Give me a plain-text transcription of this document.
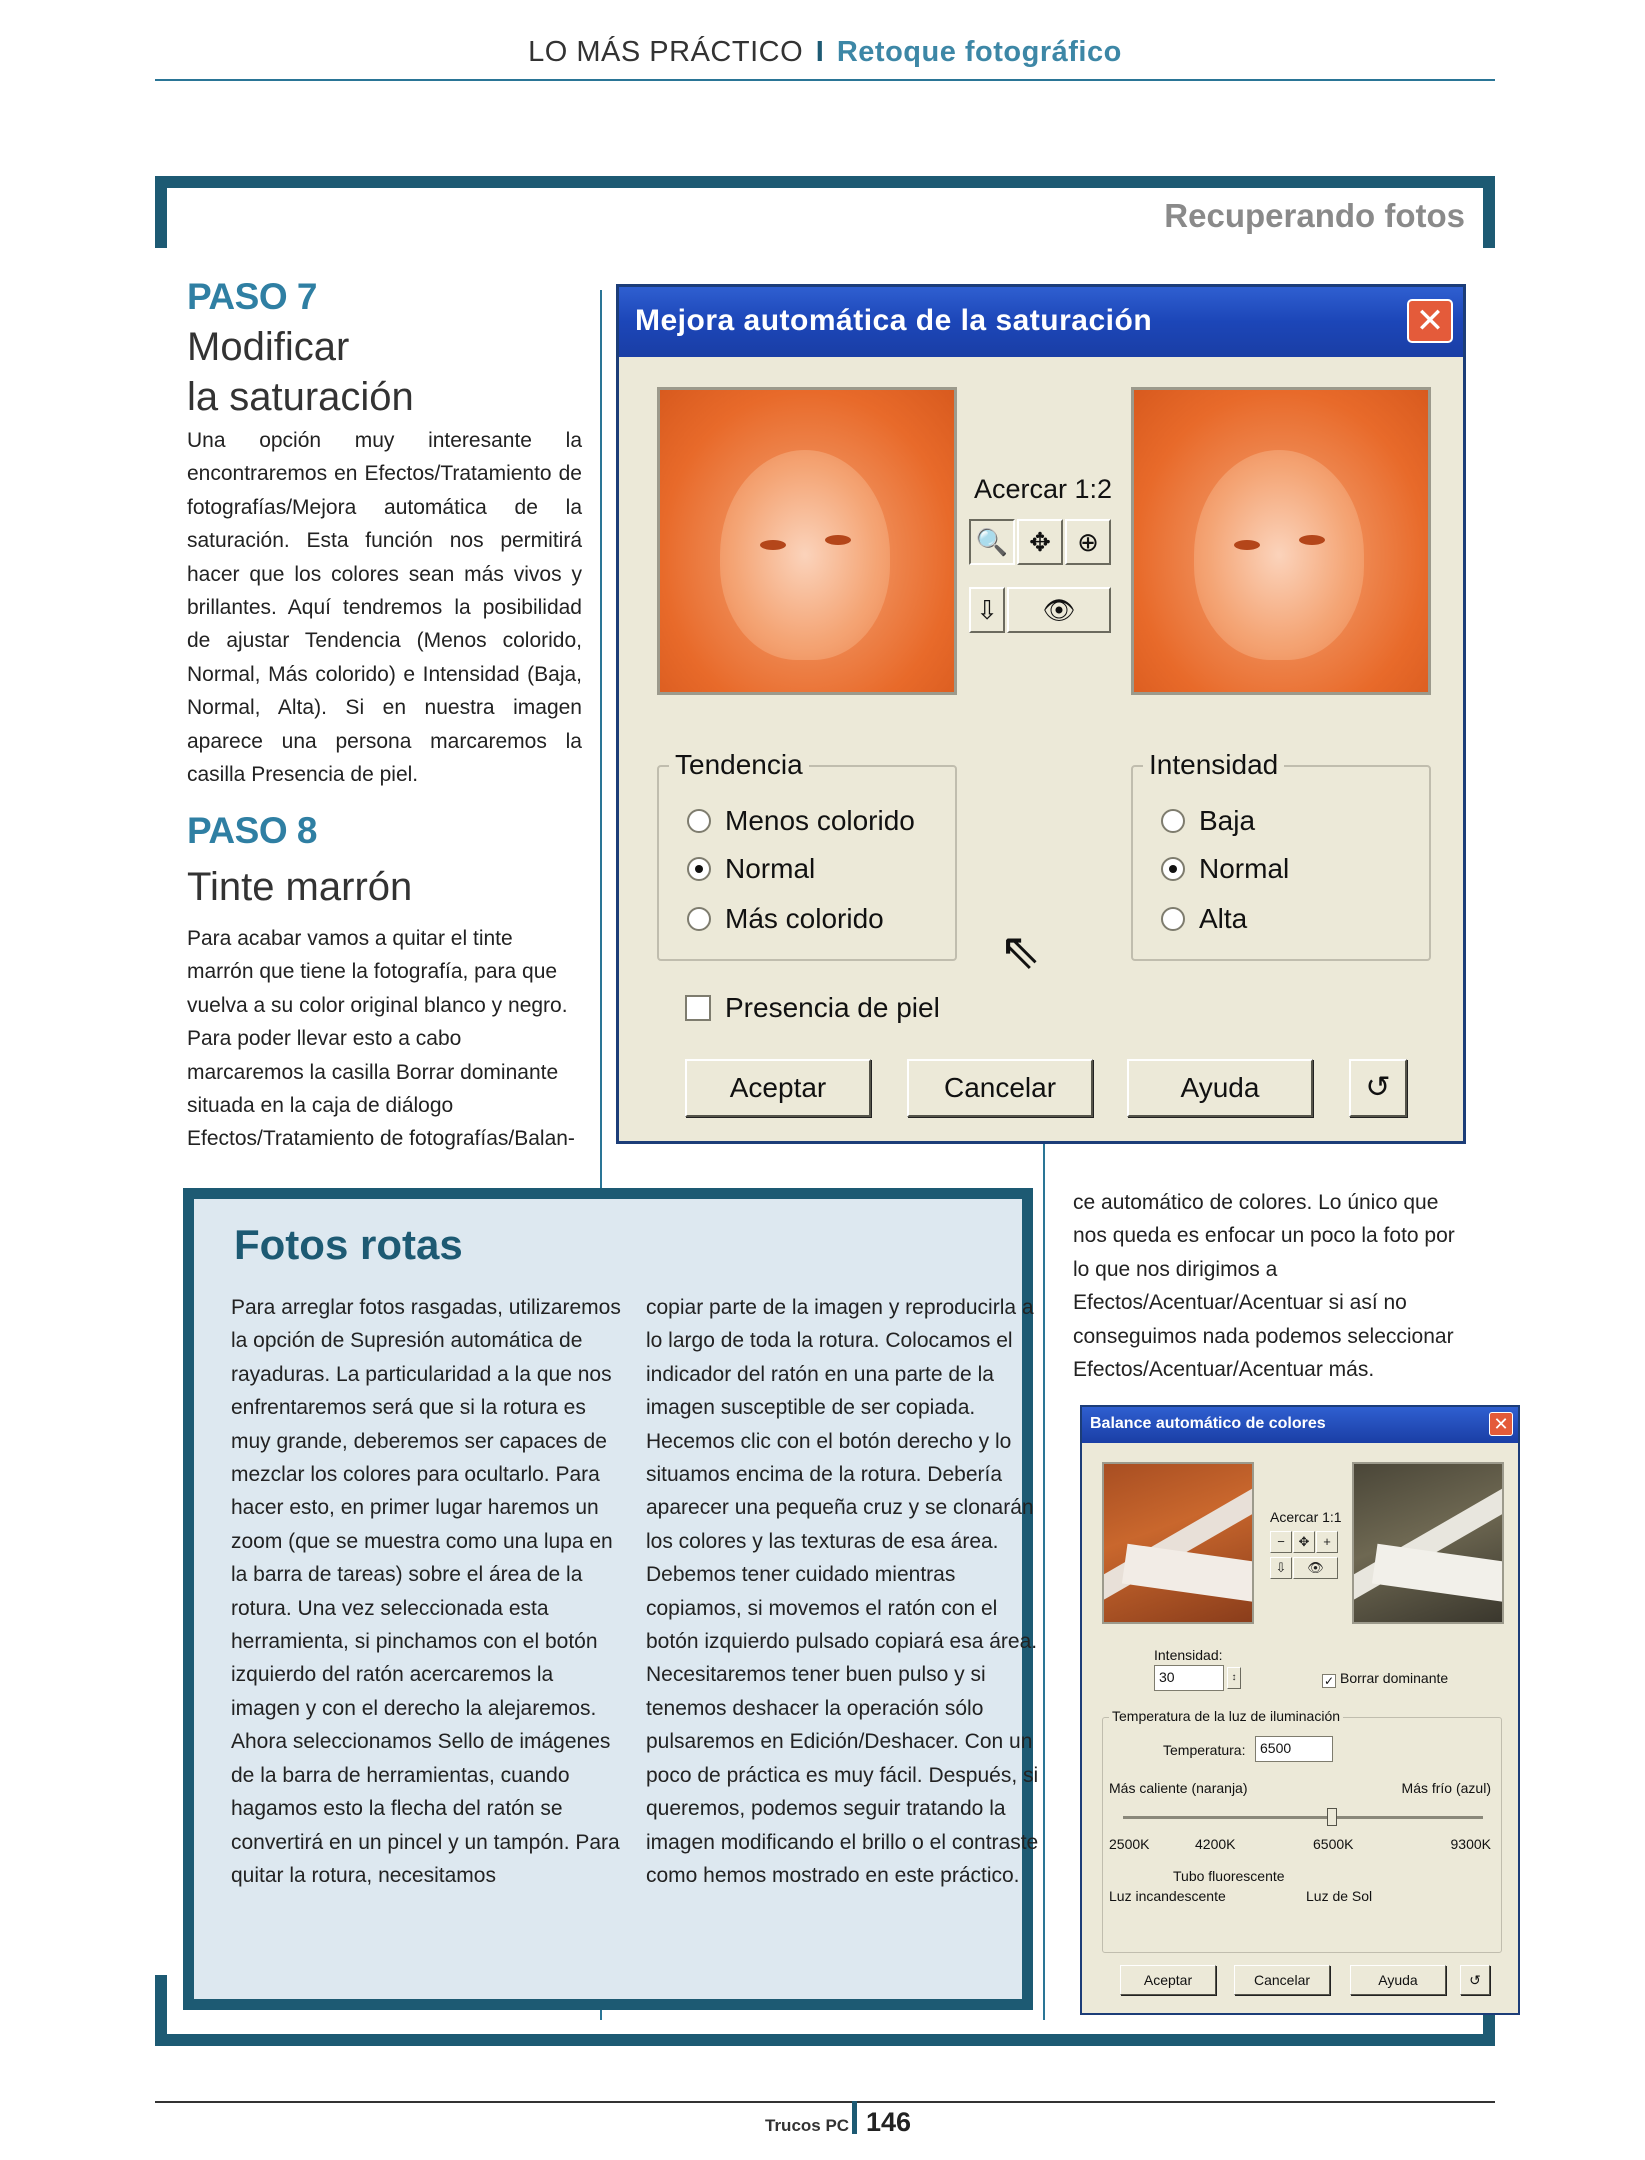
LO MÁS PRÁCTICO I Retoque fotográfico
Recuperando fotos
PASO 7
Modificar
la saturación
Una opción muy interesante la encontraremos en Efectos/Tratamiento de fotografías/Mejora automática de la saturación. Esta función nos permitirá hacer que los colores sean más vivos y brillantes. Aquí tendremos la posibilidad de ajustar Tendencia (Menos colorido, Normal, Más colorido) e Intensidad (Baja, Normal, Alta). Si en nuestra imagen aparece una persona marcaremos la casilla Presencia de piel.
PASO 8
Tinte marrón
Para acabar vamos a quitar el tinte marrón que tiene la fotografía, para que vuelva a su color original blanco y negro. Para poder llevar esto a cabo marcaremos la casilla Borrar dominante situada en la caja de diálogo Efectos/Tratamiento de fotografías/Balan-
ce automático de colores. Lo único que nos queda es enfocar un poco la foto por lo que nos dirigimos a Efectos/Acentuar/Acentuar si así no conseguimos nada podemos seleccionar Efectos/Acentuar/Acentuar más.
Fotos rotas
Para arreglar fotos rasgadas, utilizaremos la opción de Supresión automática de rayaduras. La particularidad a la que nos enfrentaremos será que si la rotura es muy grande, deberemos ser capaces de mezclar los colores para ocultarlo. Para hacer esto, en primer lugar haremos un zoom (que se muestra como una lupa en la barra de tareas) sobre el área de la rotura. Una vez seleccionada esta herramienta, si pinchamos con el botón izquierdo del ratón acercaremos la imagen y con el derecho la alejaremos. Ahora seleccionamos Sello de imágenes de la barra de herramientas, cuando hagamos esto la flecha del ratón se convertirá en un pincel y un tampón. Para quitar la rotura, necesitamos
copiar parte de la imagen y reproducirla a lo largo de toda la rotura. Colocamos el indicador del ratón en una parte de la imagen susceptible de ser copiada. Hecemos clic con el botón derecho y lo situamos encima de la rotura. Debería aparecer una pequeña cruz y se clonarán los colores y las texturas de esa área. Debemos tener cuidado mientras copiamos, si movemos el ratón con el botón izquierdo pulsado copiará esa área. Necesitaremos tener buen pulso y si tenemos deshacer la operación sólo pulsaremos en Edición/Deshacer. Con un poco de práctica es muy fácil. Después, si queremos, podemos seguir tratando la imagen modificando el brillo o el contraste como hemos mostrado en este práctico.
Mejora automática de la saturación	✕
Acercar 1:2
🔍 ✥	⊕
⇩	👁
Tendencia
Menos colorido
Normal
Más colorido
Intensidad
Baja
Normal
Alta
Presencia de piel
⇖
Aceptar	Cancelar	Ayuda	↺
Balance automático de colores	✕
Acercar 1:1
−	✥	+
⇩	👁
Intensidad:
30	↕	✓ Borrar dominante
Temperatura de la luz de iluminación
Temperatura:	6500
Más caliente (naranja)	Más frío (azul)
2500K	4200K	6500K	9300K
Tubo fluorescente
Luz incandescente	Luz de Sol
Aceptar	Cancelar	Ayuda	↺
Trucos PC 146
